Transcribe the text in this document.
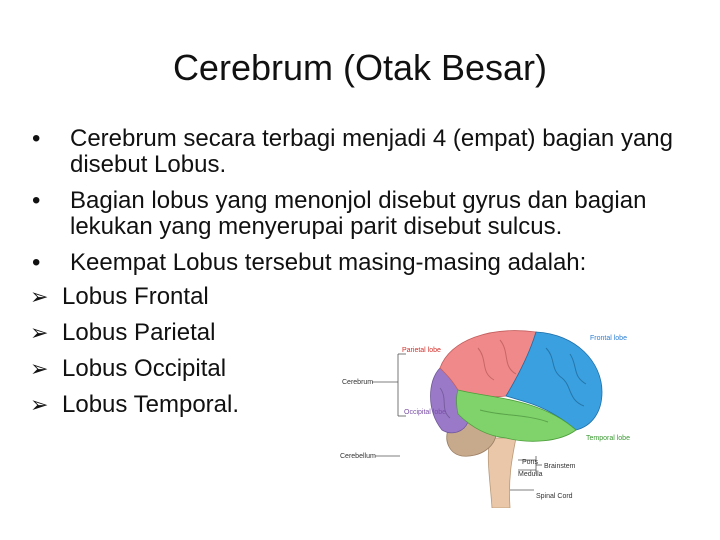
Cerebrum (Otak Besar)
• Cerebrum secara terbagi menjadi 4 (empat) bagian yang disebut Lobus.
• Bagian lobus yang menonjol disebut gyrus dan bagian lekukan yang menyerupai parit disebut sulcus.
• Keempat Lobus tersebut masing-masing adalah:
➢ Lobus Frontal
➢ Lobus Parietal
➢ Lobus Occipital
➢ Lobus Temporal.
Parietal lobe
Frontal lobe
Cerebrum
Occipital lobe
Temporal lobe
Cerebellum
Pons
Medulla
Brainstem
Spinal Cord
